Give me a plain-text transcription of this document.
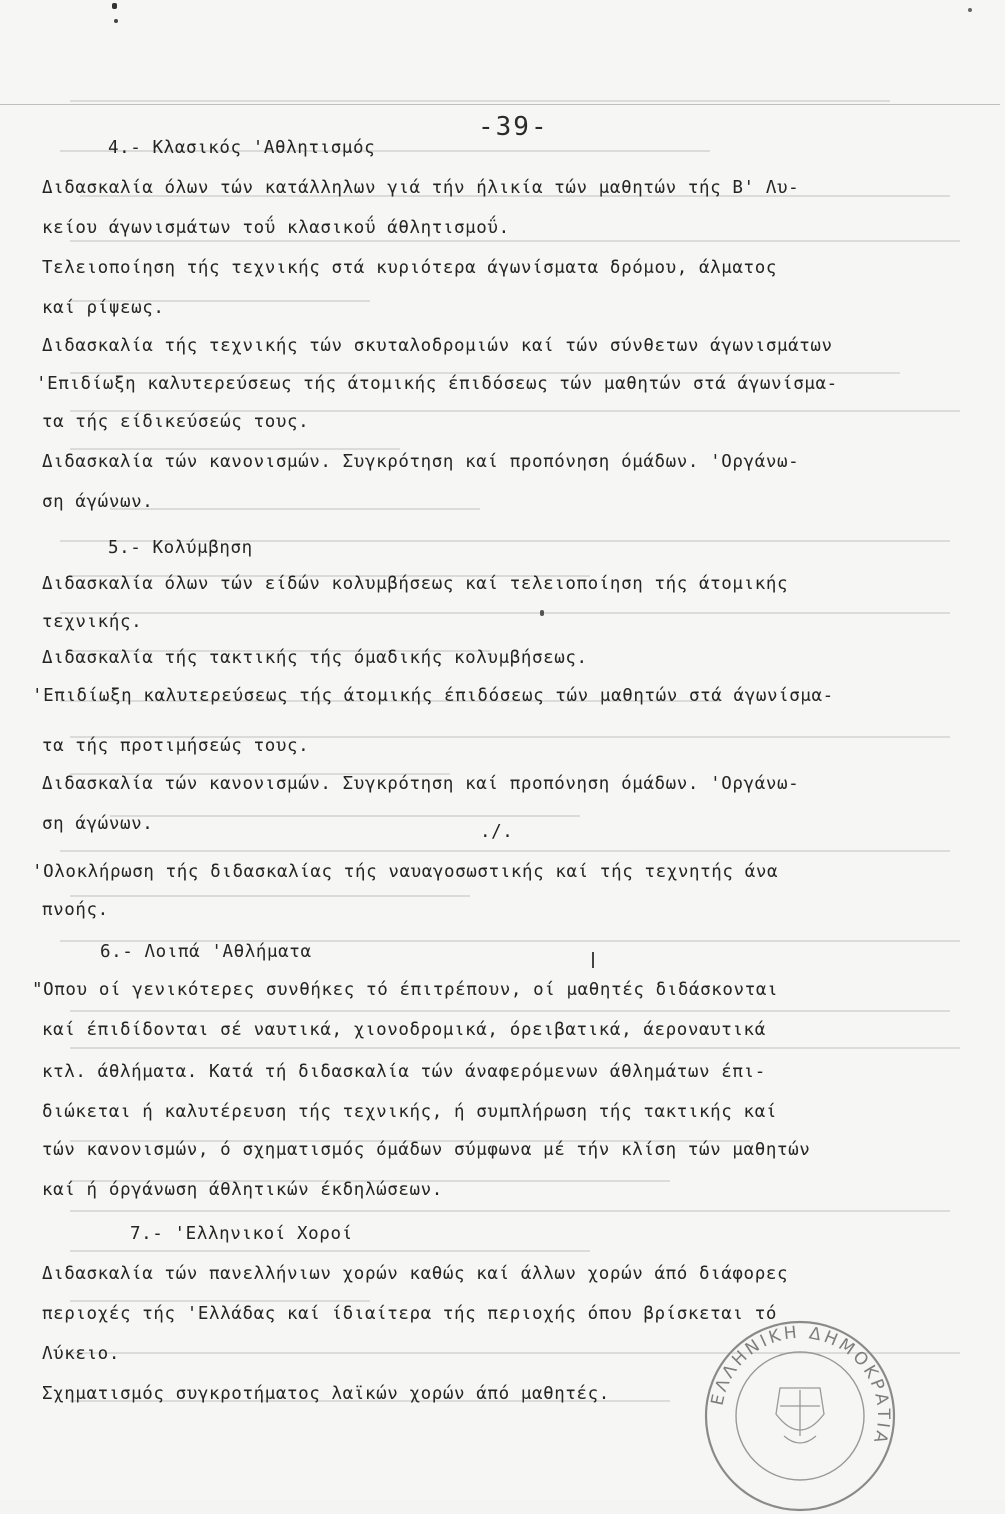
-39-
4.- Κλασικός 'Αθλητισμός
Διδασκαλία όλων τών κατάλληλων γιά τήν ήλικία τών μαθητών τής Β' Λυ-
κείου άγωνισμάτων τοΰ κλασικοΰ άθλητισμοΰ.
Τελειοποίηση τής τεχνικής στά κυριότερα άγωνίσματα δρόμου, άλματος
καί ρίψεως.
Διδασκαλία τής τεχνικής τών σκυταλοδρομιών καί τών σύνθετων άγωνισμάτων
'Επιδίωξη καλυτερεύσεως τής άτομικής έπιδόσεως τών μαθητών στά άγωνίσμα-
τα τής είδικεύσεώς τους.
Διδασκαλία τών κανονισμών. Συγκρότηση καί προπόνηση όμάδων. 'Οργάνω-
ση άγώνων.
5.- Κολύμβηση
Διδασκαλία όλων τών είδών κολυμβήσεως καί τελειοποίηση τής άτομικής
τεχνικής.
Διδασκαλία τής τακτικής τής όμαδικής κολυμβήσεως.
'Επιδίωξη καλυτερεύσεως τής άτομικής έπιδόσεως τών μαθητών στά άγωνίσμα-
τα τής προτιμήσεώς τους.
Διδασκαλία τών κανονισμών. Συγκρότηση καί προπόνηση όμάδων. 'Οργάνω-
ση άγώνων.	./.
'Ολοκλήρωση τής διδασκαλίας τής ναυαγοσωστικής καί τής τεχνητής άνα
πνοής.
6.- Λοιπά 'Αθλήματα
"Οπου οί γενικότερες συνθήκες τό έπιτρέπουν, οί μαθητές διδάσκονται
καί έπιδίδονται σέ ναυτικά, χιονοδρομικά, όρειβατικά, άεροναυτικά
κτλ. άθλήματα. Κατά τή διδασκαλία τών άναφερόμενων άθλημάτων έπι-
διώκεται ή καλυτέρευση τής τεχνικής, ή συμπλήρωση τής τακτικής καί
τών κανονισμών, ό σχηματισμός όμάδων σύμφωνα μέ τήν κλίση τών μαθητών
καί ή όργάνωση άθλητικών έκδηλώσεων.
7.- 'Ελληνικοί Χοροί
Διδασκαλία τών πανελλήνιων χορών καθώς καί άλλων χορών άπό διάφορες
περιοχές τής 'Ελλάδας καί ίδιαίτερα τής περιοχής όπου βρίσκεται τό
Λύκειο.
Σχηματισμός συγκροτήματος λαϊκών χορών άπό μαθητές.	ΕΛΛΗΝΙΚΗ ΔΗΜΟΚΡΑΤΙΑ
